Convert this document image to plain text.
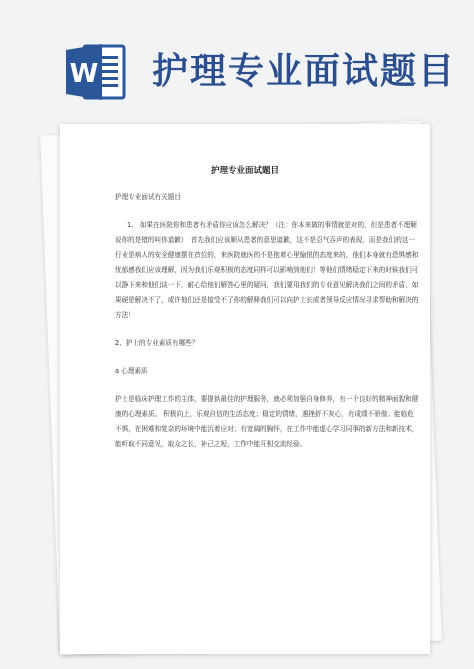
W 护理专业面试题目
护理专业面试题目

护理专业面试有关题目

1、 如果在医院你和患者有矛盾你应该怎么解决？（注：你本来做的事情就是对的，但是患者不理解说你的是错的叫你道歉）　首先我们应该顺从患者的意思道歉，这不是忍气吞声的表现，而是我们的这一行业是病人的安全健康摆在首位的，来医院就医的不是抱着心里愉悦的态度来的，他们本身就有恐惧感和忧郁感我们应该理解，因为我们乐观积极的态度同样可以影响到他们！等他们情绪稳定下来的时候我们可以静下来和他们谈一下，耐心给他们解答心里的疑问，我们要用我们的专业意见解决我们之间的矛盾，如果硬是解决不了，或许他们还是接受不了你的解释我们可以向护士长或者领导反应情况寻求帮助和解决的方法！

2、护士的专业素质有哪些？

a 心理素质

护士是临床护理工作的主体，要提供最佳的护理服务，就必须加强自身修养，有一个良好的精神面貌和健康的心理素质。 积极向上，乐观自信的生活态度；稳定的情绪，遇挫折不灰心，有成绩不骄傲；能临危不惧，在困难和复杂的环境中能沉着应对；有宽阔的胸怀，在工作中能虚心学习同事的新方法和新技术，能听取不同意见，取众之长，补己之短，工作中能互相交流经验。
